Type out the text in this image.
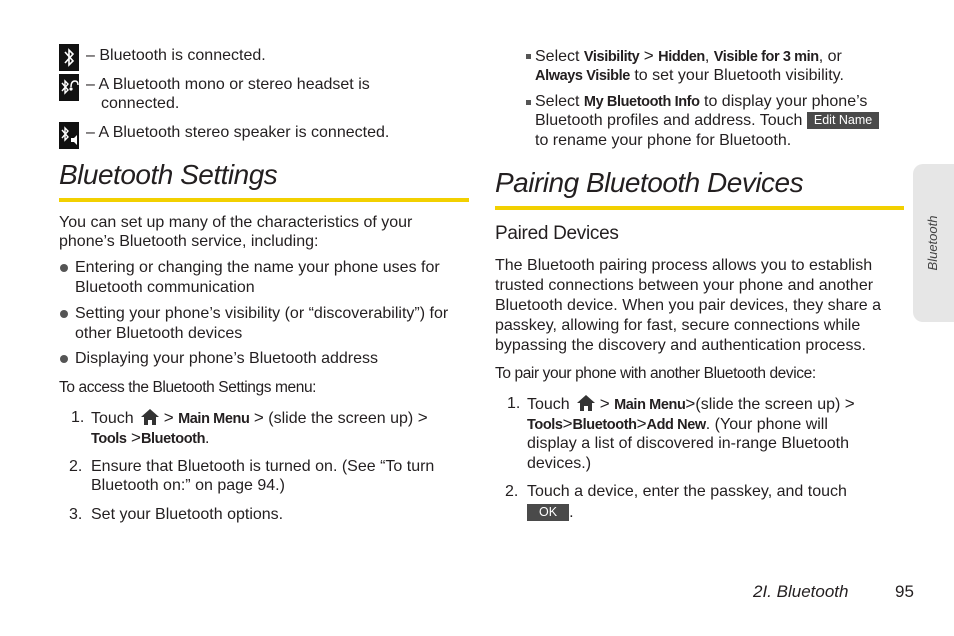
– Bluetooth is connected.
– A Bluetooth mono or stereo headset is
connected.
– A Bluetooth stereo speaker is connected.
Bluetooth Settings
You can set up many of the characteristics of your
phone’s Bluetooth service, including:
Entering or changing the name your phone uses for
Bluetooth communication
Setting your phone’s visibility (or “discoverability”) for
other Bluetooth devices
Displaying your phone’s Bluetooth address
To access the Bluetooth Settings menu:
1. Touch > Main Menu > (slide the screen up) >
Tools >Bluetooth.
2. Ensure that Bluetooth is turned on. (See “To turn
Bluetooth on:” on page 94.)
3. Set your Bluetooth options.
Select Visibility > Hidden, Visible for 3 min, or
Always Visible to set your Bluetooth visibility.
Select My Bluetooth Info to display your phone’s
Bluetooth profiles and address. Touch Edit Name
to rename your phone for Bluetooth.
Pairing Bluetooth Devices
Paired Devices
The Bluetooth pairing process allows you to establish
trusted connections between your phone and another
Bluetooth device. When you pair devices, they share a
passkey, allowing for fast, secure connections while
bypassing the discovery and authentication process.
To pair your phone with another Bluetooth device:
1. Touch > Main Menu>(slide the screen up) >
Tools>Bluetooth>Add New. (Your phone will
display a list of discovered in-range Bluetooth
devices.)
2. Touch a device, enter the passkey, and touch
OK .
Bluetooth
2I. Bluetooth	95
